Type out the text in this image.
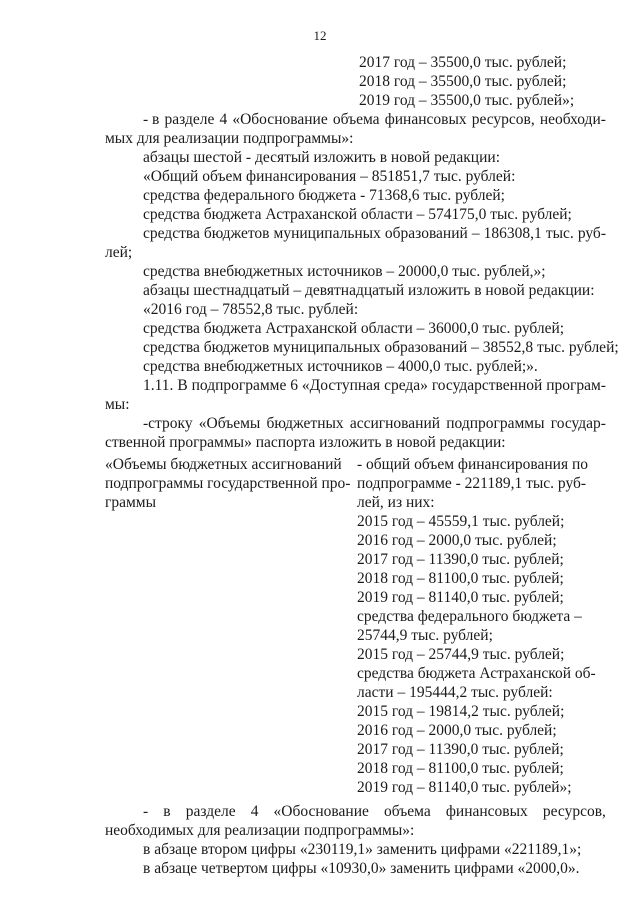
12
2017 год – 35500,0 тыс. рублей;
2018 год – 35500,0 тыс. рублей;
2019 год – 35500,0 тыс. рублей»;
- в разделе 4 «Обоснование объема финансовых ресурсов, необходи-
мых для реализации подпрограммы»:
абзацы шестой - десятый изложить в новой редакции:
«Общий объем финансирования – 851851,7 тыс. рублей:
средства федерального бюджета - 71368,6 тыс. рублей;
средства бюджета Астраханской области – 574175,0 тыс. рублей;
средства бюджетов муниципальных образований – 186308,1 тыс. руб-
лей;
средства внебюджетных источников – 20000,0 тыс. рублей,»;
абзацы шестнадцатый – девятнадцатый изложить в новой редакции:
«2016 год – 78552,8 тыс. рублей:
средства бюджета Астраханской области – 36000,0 тыс. рублей;
средства бюджетов муниципальных образований – 38552,8 тыс. рублей;
средства внебюджетных источников – 4000,0 тыс. рублей;».
1.11. В подпрограмме 6 «Доступная среда» государственной програм-
мы:
-строку «Объемы бюджетных ассигнований подпрограммы государ-
ственной программы» паспорта изложить в новой редакции:
«Объемы бюджетных ассигнований
подпрограммы государственной про-
граммы
- общий объем финансирования по
подпрограмме - 221189,1 тыс. руб-
лей, из них:
2015 год – 45559,1 тыс. рублей;
2016 год – 2000,0 тыс. рублей;
2017 год – 11390,0 тыс. рублей;
2018 год – 81100,0 тыс. рублей;
2019 год – 81140,0 тыс. рублей;
средства федерального бюджета –
25744,9 тыс. рублей;
2015 год – 25744,9 тыс. рублей;
средства бюджета Астраханской об-
ласти – 195444,2 тыс. рублей:
2015 год – 19814,2 тыс. рублей;
2016 год – 2000,0 тыс. рублей;
2017 год – 11390,0 тыс. рублей;
2018 год – 81100,0 тыс. рублей;
2019 год – 81140,0 тыс. рублей»;
- в разделе 4 «Обоснование объема финансовых ресурсов,
необходимых для реализации подпрограммы»:
в абзаце втором цифры «230119,1» заменить цифрами «221189,1»;
в абзаце четвертом цифры «10930,0» заменить цифрами «2000,0».
